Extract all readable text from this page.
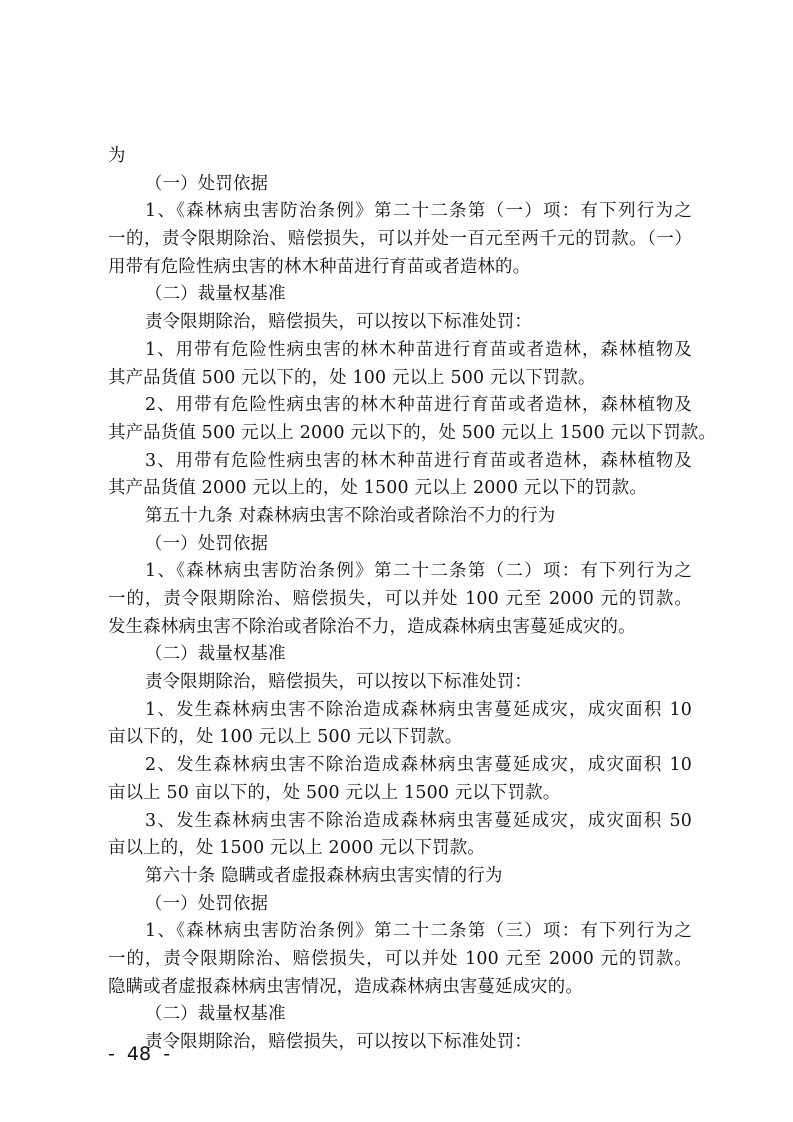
为
（一）处罚依据
1、《森林病虫害防治条例》第二十二条第（一）项：有下列行为之
一的，责令限期除治、赔偿损失，可以并处一百元至两千元的罚款。（一）
用带有危险性病虫害的林木种苗进行育苗或者造林的。
（二）裁量权基准
责令限期除治，赔偿损失，可以按以下标准处罚：
1、用带有危险性病虫害的林木种苗进行育苗或者造林，森林植物及
其产品货值 500 元以下的，处 100 元以上 500 元以下罚款。
2、用带有危险性病虫害的林木种苗进行育苗或者造林，森林植物及
其产品货值 500 元以上 2000 元以下的，处 500 元以上 1500 元以下罚款。
3、用带有危险性病虫害的林木种苗进行育苗或者造林，森林植物及
其产品货值 2000 元以上的，处 1500 元以上 2000 元以下的罚款。
第五十九条 对森林病虫害不除治或者除治不力的行为
（一）处罚依据
1、《森林病虫害防治条例》第二十二条第（二）项：有下列行为之
一的，责令限期除治、赔偿损失，可以并处 100 元至 2000 元的罚款。
发生森林病虫害不除治或者除治不力，造成森林病虫害蔓延成灾的。
（二）裁量权基准
责令限期除治，赔偿损失，可以按以下标准处罚：
1、发生森林病虫害不除治造成森林病虫害蔓延成灾，成灾面积 10
亩以下的，处 100 元以上 500 元以下罚款。
2、发生森林病虫害不除治造成森林病虫害蔓延成灾，成灾面积 10
亩以上 50 亩以下的，处 500 元以上 1500 元以下罚款。
3、发生森林病虫害不除治造成森林病虫害蔓延成灾，成灾面积 50
亩以上的，处 1500 元以上 2000 元以下罚款。
第六十条 隐瞒或者虚报森林病虫害实情的行为
（一）处罚依据
1、《森林病虫害防治条例》第二十二条第（三）项：有下列行为之
一的，责令限期除治、赔偿损失，可以并处 100 元至 2000 元的罚款。
隐瞒或者虚报森林病虫害情况，造成森林病虫害蔓延成灾的。
（二）裁量权基准
责令限期除治，赔偿损失，可以按以下标准处罚：
-  48  -
